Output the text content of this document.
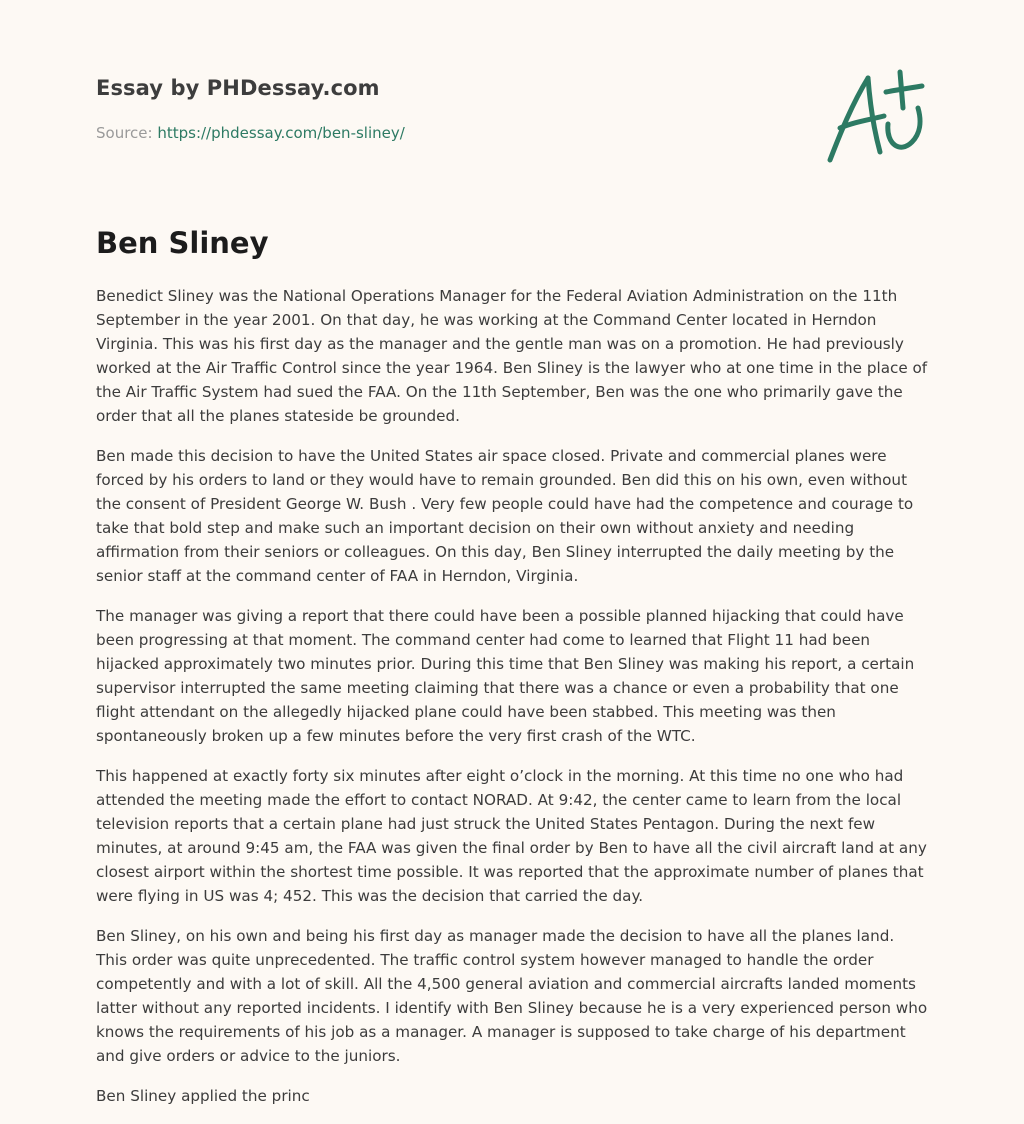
Essay by PHDessay.com
Source: https://phdessay.com/ben-sliney/
Ben Sliney

Benedict Sliney was the National Operations Manager for the Federal Aviation Administration on the 11th September in the year 2001. On that day, he was working at the Command Center located in Herndon Virginia. This was his first day as the manager and the gentle man was on a promotion. He had previously worked at the Air Traffic Control since the year 1964. Ben Sliney is the lawyer who at one time in the place of the Air Traffic System had sued the FAA. On the 11th September, Ben was the one who primarily gave the order that all the planes stateside be grounded.

Ben made this decision to have the United States air space closed. Private and commercial planes were forced by his orders to land or they would have to remain grounded. Ben did this on his own, even without the consent of President George W. Bush . Very few people could have had the competence and courage to take that bold step and make such an important decision on their own without anxiety and needing affirmation from their seniors or colleagues. On this day, Ben Sliney interrupted the daily meeting by the senior staff at the command center of FAA in Herndon, Virginia.

The manager was giving a report that there could have been a possible planned hijacking that could have been progressing at that moment. The command center had come to learned that Flight 11 had been hijacked approximately two minutes prior. During this time that Ben Sliney was making his report, a certain supervisor interrupted the same meeting claiming that there was a chance or even a probability that one flight attendant on the allegedly hijacked plane could have been stabbed. This meeting was then spontaneously broken up a few minutes before the very first crash of the WTC.

This happened at exactly forty six minutes after eight o’clock in the morning. At this time no one who had attended the meeting made the effort to contact NORAD. At 9:42, the center came to learn from the local television reports that a certain plane had just struck the United States Pentagon. During the next few minutes, at around 9:45 am, the FAA was given the final order by Ben to have all the civil aircraft land at any closest airport within the shortest time possible. It was reported that the approximate number of planes that were flying in US was 4; 452. This was the decision that carried the day.

Ben Sliney, on his own and being his first day as manager made the decision to have all the planes land. This order was quite unprecedented. The traffic control system however managed to handle the order competently and with a lot of skill. All the 4,500 general aviation and commercial aircrafts landed moments latter without any reported incidents. I identify with Ben Sliney because he is a very experienced person who knows the requirements of his job as a manager. A manager is supposed to take charge of his department and give orders or advice to the juniors.

Ben Sliney applied the princ
